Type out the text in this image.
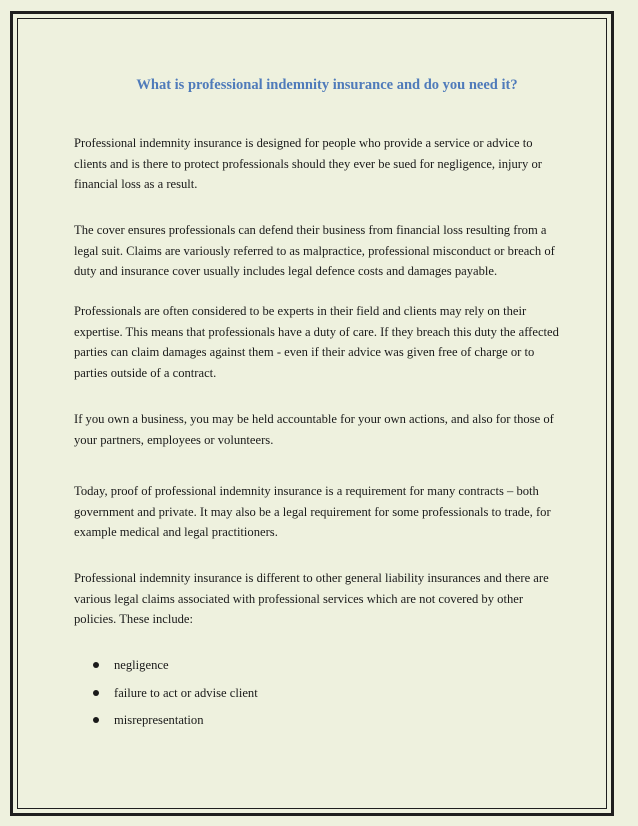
What is professional indemnity insurance and do you need it?

Professional indemnity insurance is designed for people who provide a service or advice to clients and is there to protect professionals should they ever be sued for negligence, injury or financial loss as a result.

The cover ensures professionals can defend their business from financial loss resulting from a legal suit. Claims are variously referred to as malpractice, professional misconduct or breach of duty and insurance cover usually includes legal defence costs and damages payable.

Professionals are often considered to be experts in their field and clients may rely on their expertise. This means that professionals have a duty of care. If they breach this duty the affected parties can claim damages against them - even if their advice was given free of charge or to parties outside of a contract.

If you own a business, you may be held accountable for your own actions, and also for those of your partners, employees or volunteers.

Today, proof of professional indemnity insurance is a requirement for many contracts – both government and private. It may also be a legal requirement for some professionals to trade, for example medical and legal practitioners.

Professional indemnity insurance is different to other general liability insurances and there are various legal claims associated with professional services which are not covered by other policies. These include:

negligence
failure to act or advise client
misrepresentation
